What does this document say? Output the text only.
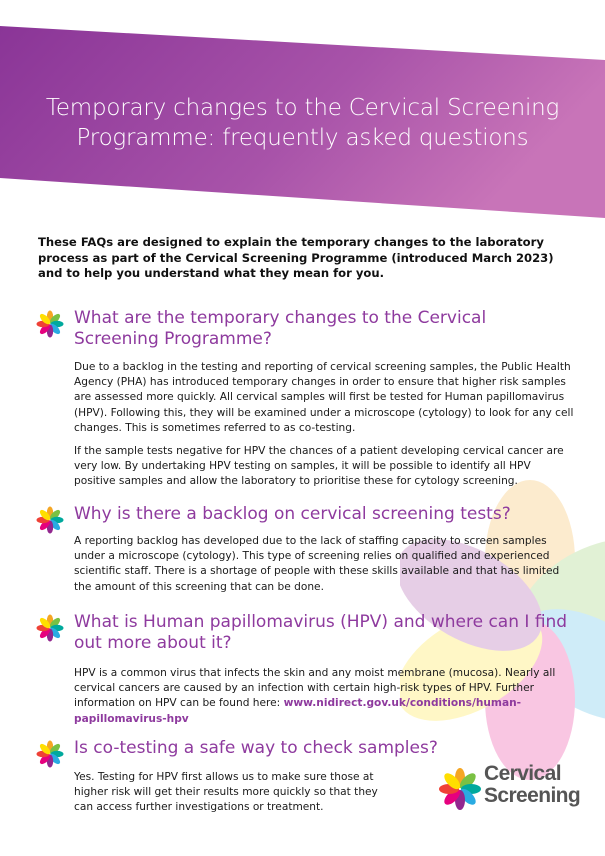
Temporary changes to the Cervical Screening
Programme: frequently asked questions
These FAQs are designed to explain the temporary changes to the laboratory process as part of the Cervical Screening Programme (introduced March 2023) and to help you understand what they mean for you.
What are the temporary changes to the Cervical
Screening Programme?

Due to a backlog in the testing and reporting of cervical screening samples, the Public Health Agency (PHA) has introduced temporary changes in order to ensure that higher risk samples are assessed more quickly. All cervical samples will first be tested for Human papillomavirus (HPV). Following this, they will be examined under a microscope (cytology) to look for any cell changes. This is sometimes referred to as co-testing.

If the sample tests negative for HPV the chances of a patient developing cervical cancer are very low. By undertaking HPV testing on samples, it will be possible to identify all HPV positive samples and allow the laboratory to prioritise these for cytology screening.

Why is there a backlog on cervical screening tests?

A reporting backlog has developed due to the lack of staffing capacity to screen samples under a microscope (cytology). This type of screening relies on qualified and experienced scientific staff. There is a shortage of people with these skills available and that has limited the amount of this screening that can be done.

What is Human papillomavirus (HPV) and where can I find
out more about it?

HPV is a common virus that infects the skin and any moist membrane (mucosa). Nearly all cervical cancers are caused by an infection with certain high-risk types of HPV. Further information on HPV can be found here: www.nidirect.gov.uk/conditions/human-papillomavirus-hpv

Is co-testing a safe way to check samples?

Yes. Testing for HPV first allows us to make sure those at higher risk will get their results more quickly so that they can access further investigations or treatment.

Cervical
Screening
